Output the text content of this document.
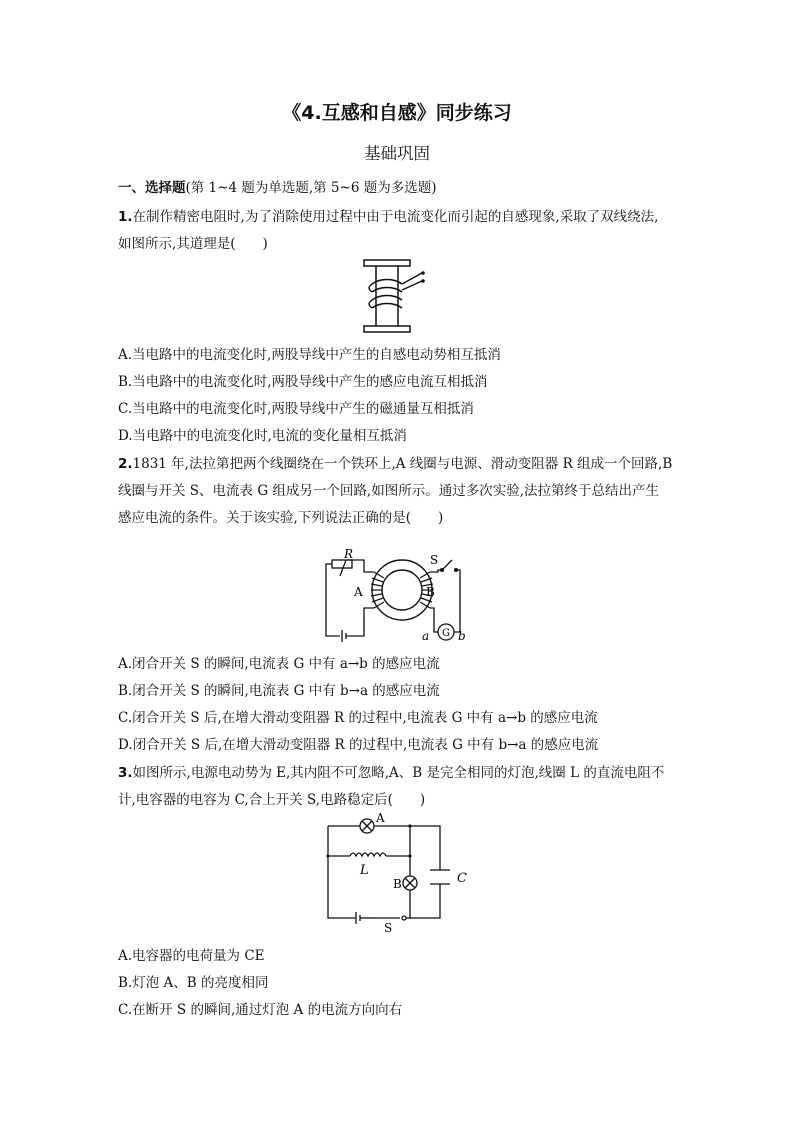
《4.互感和自感》同步练习
基础巩固
一、选择题(第 1~4 题为单选题,第 5~6 题为多选题)
1.在制作精密电阻时,为了消除使用过程中由于电流变化而引起的自感现象,采取了双线绕法,
如图所示,其道理是(　　)
A.当电路中的电流变化时,两股导线中产生的自感电动势相互抵消
B.当电路中的电流变化时,两股导线中产生的感应电流互相抵消
C.当电路中的电流变化时,两股导线中产生的磁通量互相抵消
D.当电路中的电流变化时,电流的变化量相互抵消
2.1831 年,法拉第把两个线圈绕在一个铁环上,A 线圈与电源、滑动变阻器 R 组成一个回路,B
线圈与开关 S、电流表 G 组成另一个回路,如图所示。通过多次实验,法拉第终于总结出产生
感应电流的条件。关于该实验,下列说法正确的是(　　)
R	S
A	B
G
a b
A.闭合开关 S 的瞬间,电流表 G 中有 a→b 的感应电流
B.闭合开关 S 的瞬间,电流表 G 中有 b→a 的感应电流
C.闭合开关 S 后,在增大滑动变阻器 R 的过程中,电流表 G 中有 a→b 的感应电流
D.闭合开关 S 后,在增大滑动变阻器 R 的过程中,电流表 G 中有 b→a 的感应电流
3.如图所示,电源电动势为 E,其内阻不可忽略,A、B 是完全相同的灯泡,线圈 L 的直流电阻不
计,电容器的电容为 C,合上开关 S,电路稳定后(　　)
A
B
L
C
S
A.电容器的电荷量为 CE
B.灯泡 A、B 的亮度相同
C.在断开 S 的瞬间,通过灯泡 A 的电流方向向右
